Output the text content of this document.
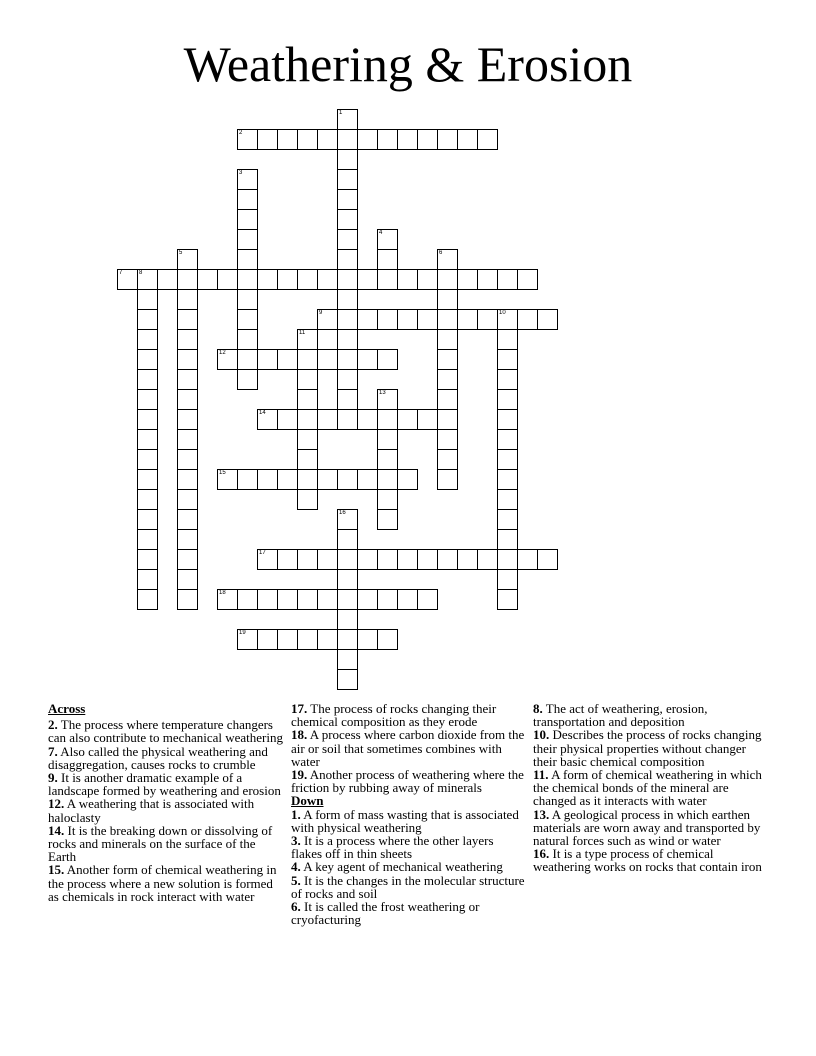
Weathering & Erosion
1
2
3
4
5	6
7	8
9	10
11
12
13
14
15
16
17
18
19

Across

2. The process where temperature changers can also contribute to mechanical weathering

7. Also called the physical weathering and disaggregation, causes rocks to crumble

9. It is another dramatic example of a landscape formed by weathering and erosion

12. A weathering that is associated with haloclasty

14. It is the breaking down or dissolving of rocks and minerals on the surface of the Earth

15. Another form of chemical weathering in the process where a new solution is formed as chemicals in rock interact with water

17. The process of rocks changing their chemical composition as they erode

18. A process where carbon dioxide from the air or soil that sometimes combines with water

19. Another process of weathering where the friction by rubbing away of minerals

Down

1. A form of mass wasting that is associated with physical weathering

3. It is a process where the other layers flakes off in thin sheets

4. A key agent of mechanical weathering

5. It is the changes in the molecular structure of rocks and soil

6. It is called the frost weathering or cryofacturing

8. The act of weathering, erosion, transportation and deposition

10. Describes the process of rocks changing their physical properties without changer their basic chemical composition

11. A form of chemical weathering in which the chemical bonds of the mineral are changed as it interacts with water

13. A geological process in which earthen materials are worn away and transported by natural forces such as wind or water

16. It is a type process of chemical weathering works on rocks that contain iron
